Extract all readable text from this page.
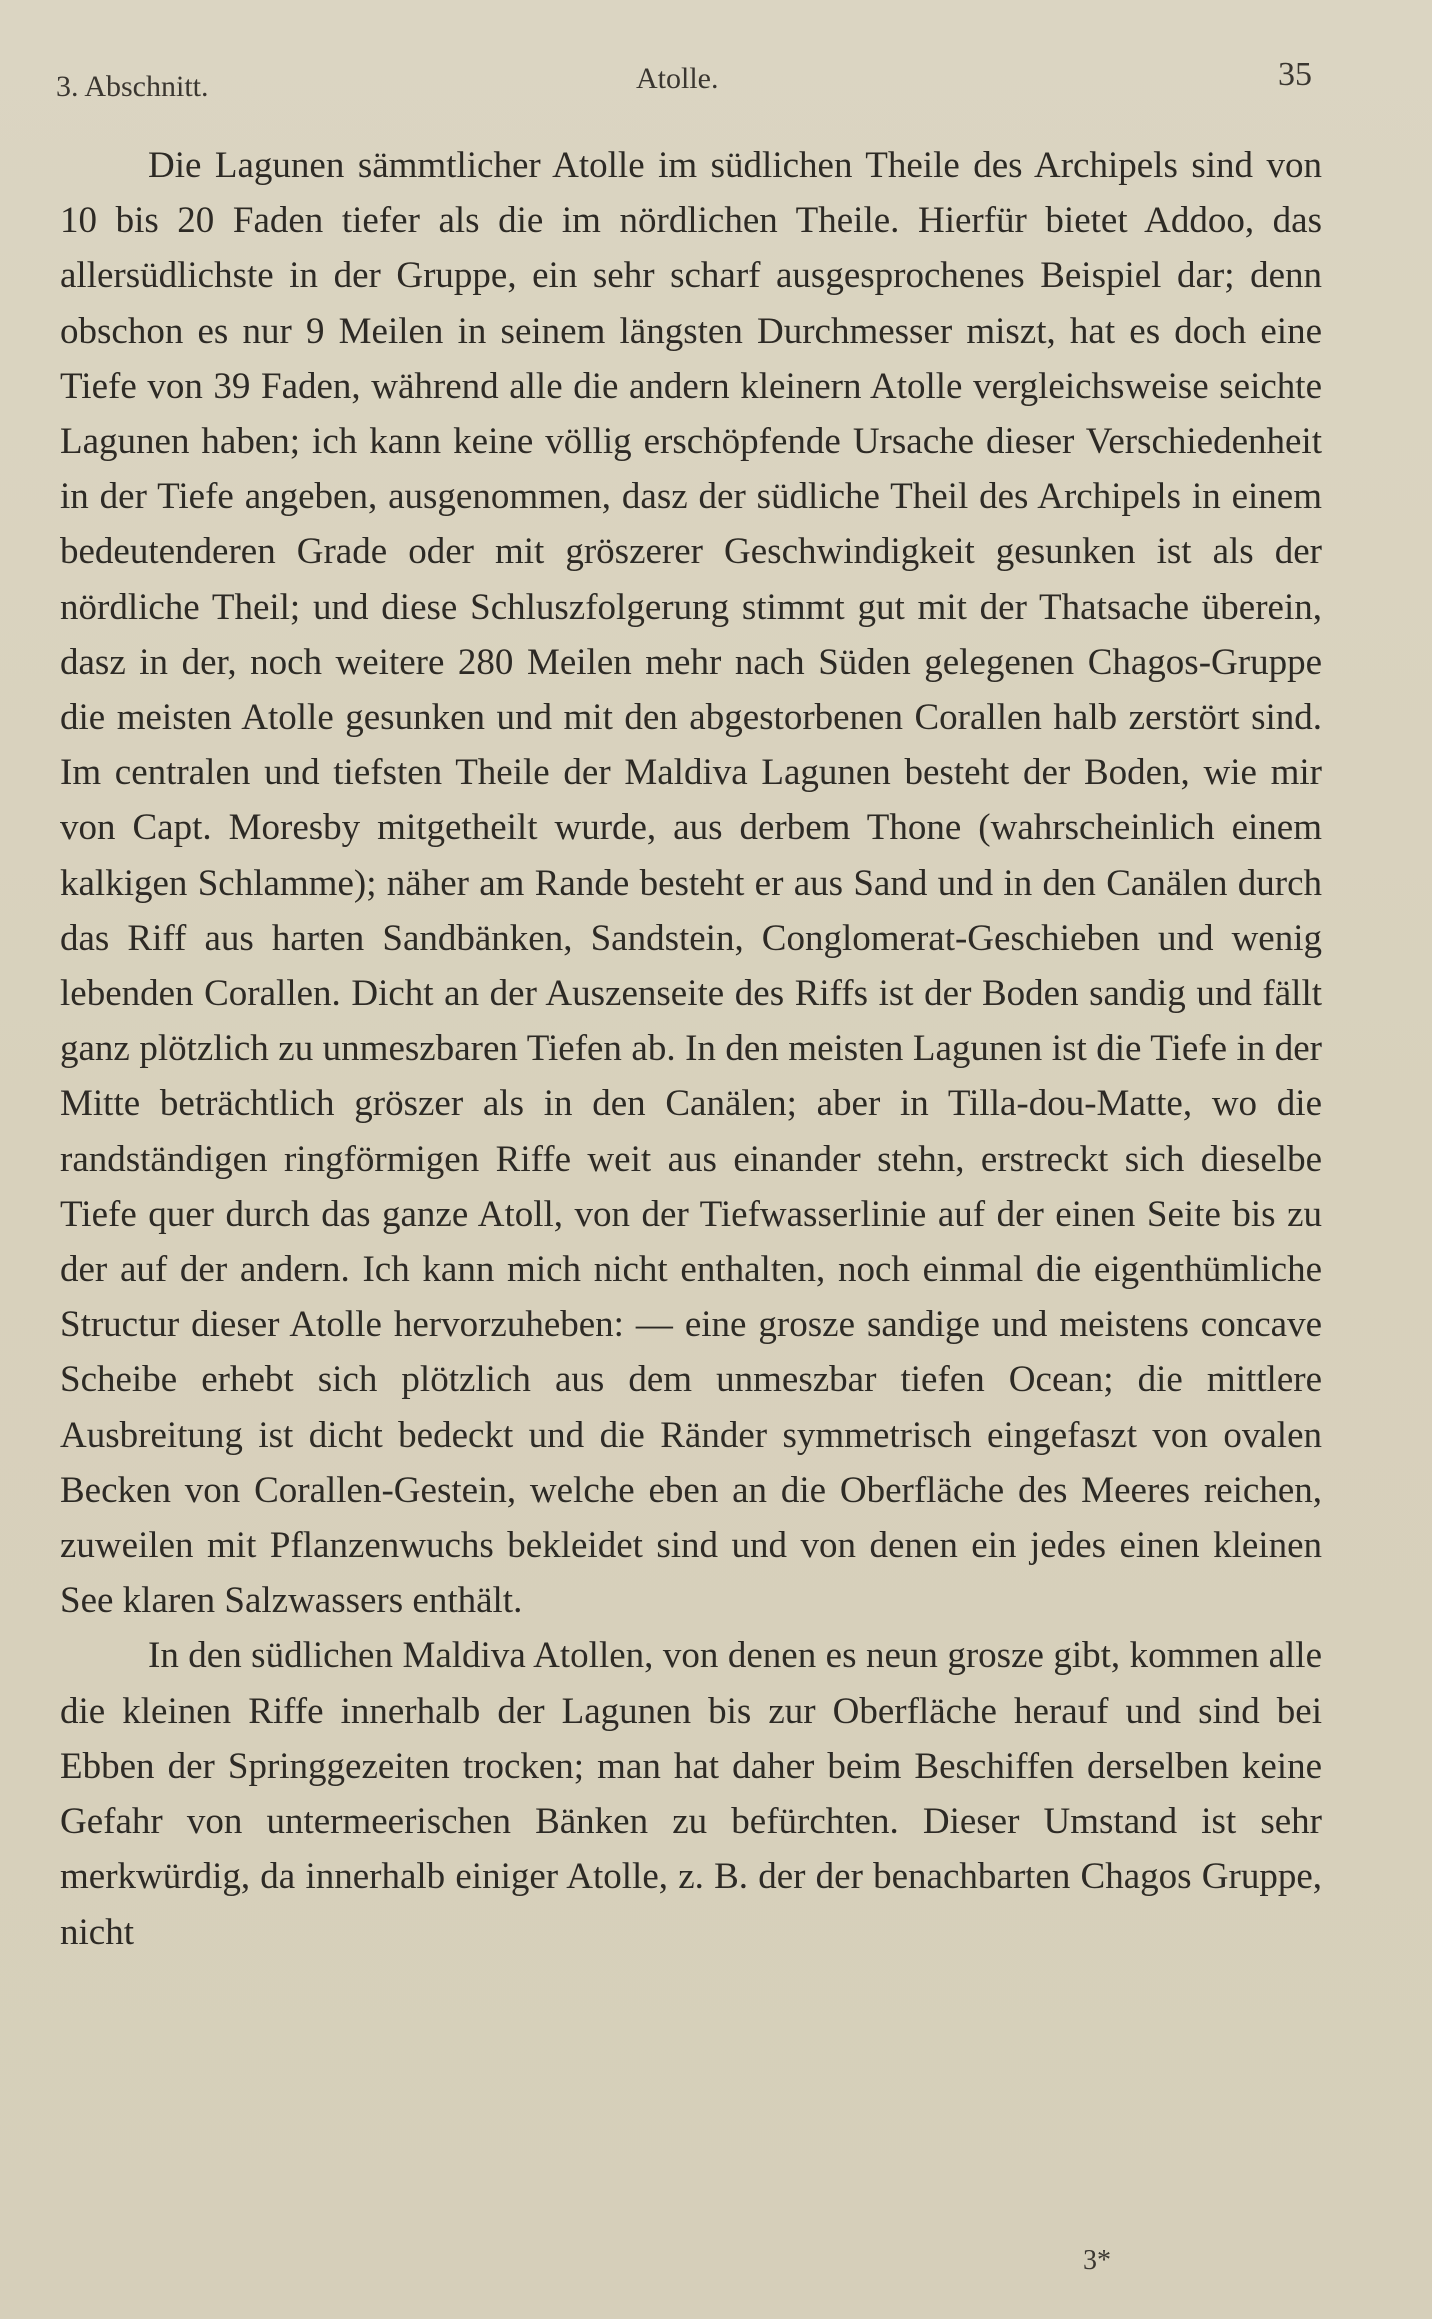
3. Abschnitt.	Atolle.	35

Die Lagunen sämmtlicher Atolle im südlichen Theile des Archipels sind von 10 bis 20 Faden tiefer als die im nördlichen Theile. Hierfür bietet Addoo, das allersüdlichste in der Gruppe, ein sehr scharf ausgesprochenes Beispiel dar; denn obschon es nur 9 Meilen in seinem längsten Durchmesser miszt, hat es doch eine Tiefe von 39 Faden, während alle die andern kleinern Atolle vergleichsweise seichte Lagunen haben; ich kann keine völlig erschöpfende Ursache dieser Verschiedenheit in der Tiefe angeben, ausgenommen, dasz der südliche Theil des Archipels in einem bedeutenderen Grade oder mit gröszerer Geschwindigkeit gesunken ist als der nördliche Theil; und diese Schluszfolgerung stimmt gut mit der Thatsache überein, dasz in der, noch weitere 280 Meilen mehr nach Süden gelegenen Chagos-Gruppe die meisten Atolle gesunken und mit den abgestorbenen Corallen halb zerstört sind. Im centralen und tiefsten Theile der Maldiva Lagunen besteht der Boden, wie mir von Capt. Moresby mitgetheilt wurde, aus derbem Thone (wahrscheinlich einem kalkigen Schlamme); näher am Rande besteht er aus Sand und in den Canälen durch das Riff aus harten Sandbänken, Sandstein, Conglomerat-Geschieben und wenig lebenden Corallen. Dicht an der Auszenseite des Riffs ist der Boden sandig und fällt ganz plötzlich zu unmeszbaren Tiefen ab. In den meisten Lagunen ist die Tiefe in der Mitte beträchtlich gröszer als in den Canälen; aber in Tilla-dou-Matte, wo die randständigen ringförmigen Riffe weit aus einander stehn, erstreckt sich dieselbe Tiefe quer durch das ganze Atoll, von der Tiefwasserlinie auf der einen Seite bis zu der auf der andern. Ich kann mich nicht enthalten, noch einmal die eigenthümliche Structur dieser Atolle hervorzuheben: — eine grosze sandige und meistens concave Scheibe erhebt sich plötzlich aus dem unmeszbar tiefen Ocean; die mittlere Ausbreitung ist dicht bedeckt und die Ränder symmetrisch eingefaszt von ovalen Becken von Corallen-Gestein, welche eben an die Oberfläche des Meeres reichen, zuweilen mit Pflanzenwuchs bekleidet sind und von denen ein jedes einen kleinen See klaren Salzwassers enthält.

In den südlichen Maldiva Atollen, von denen es neun grosze gibt, kommen alle die kleinen Riffe innerhalb der Lagunen bis zur Oberfläche herauf und sind bei Ebben der Springgezeiten trocken; man hat daher beim Beschiffen derselben keine Gefahr von untermeerischen Bänken zu befürchten. Dieser Umstand ist sehr merkwürdig, da innerhalb einiger Atolle, z. B. der der benachbarten Chagos Gruppe, nicht

3*
